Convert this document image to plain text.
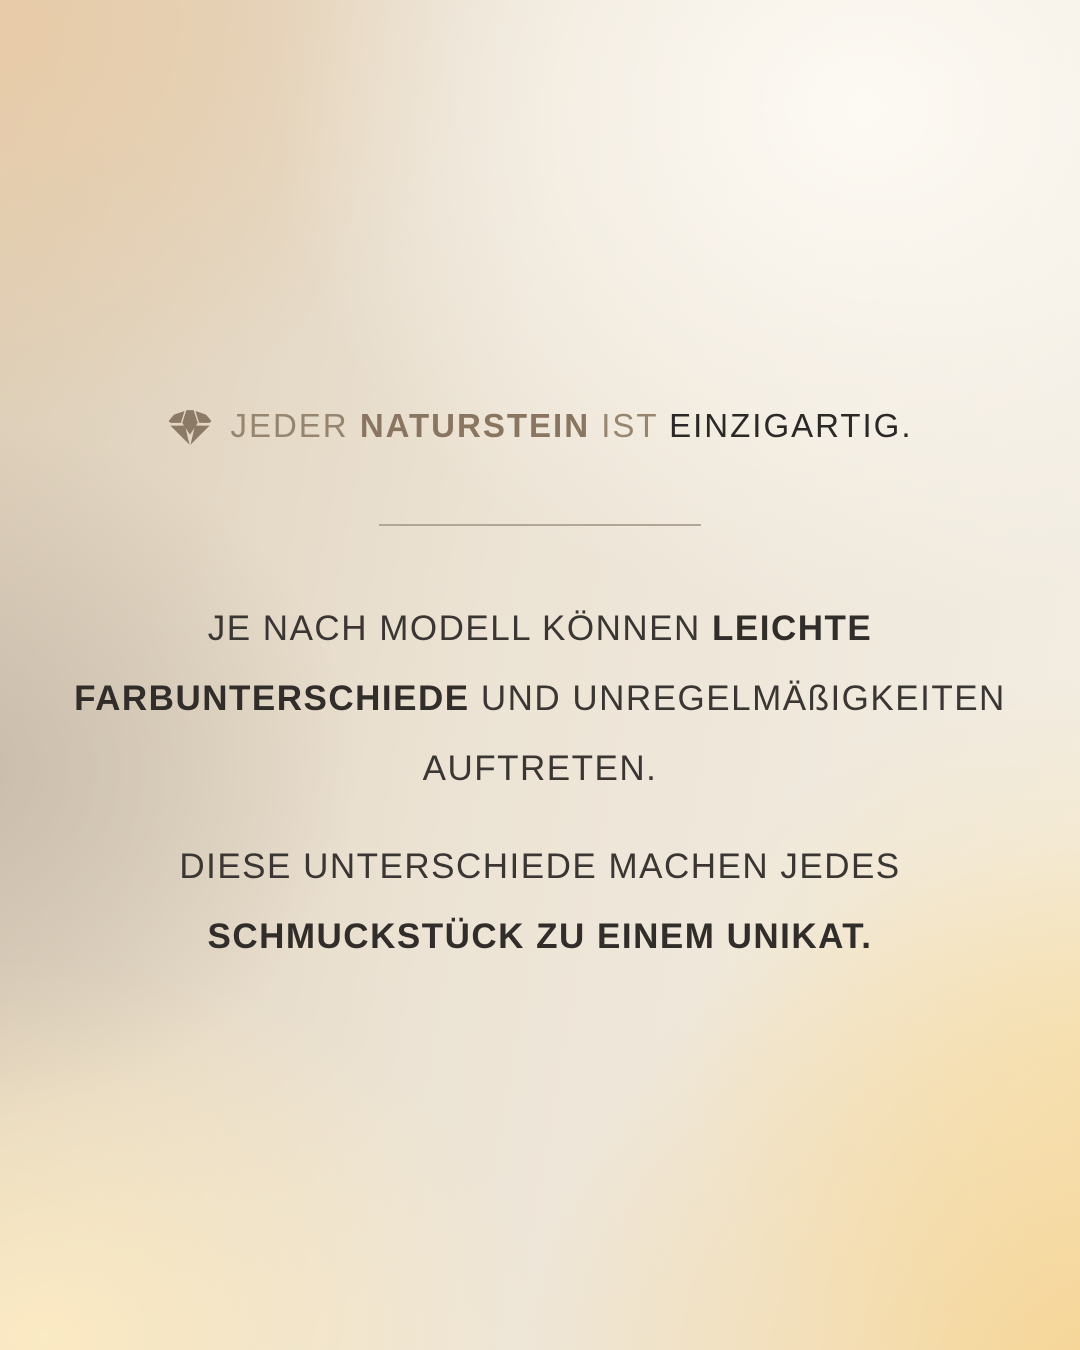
JEDER NATURSTEIN IST EINZIGARTIG.
JE NACH MODELL KÖNNEN LEICHTE
FARBUNTERSCHIEDE UND UNREGELMÄßIGKEITEN
AUFTRETEN.
DIESE UNTERSCHIEDE MACHEN JEDES
SCHMUCKSTÜCK ZU EINEM UNIKAT.
